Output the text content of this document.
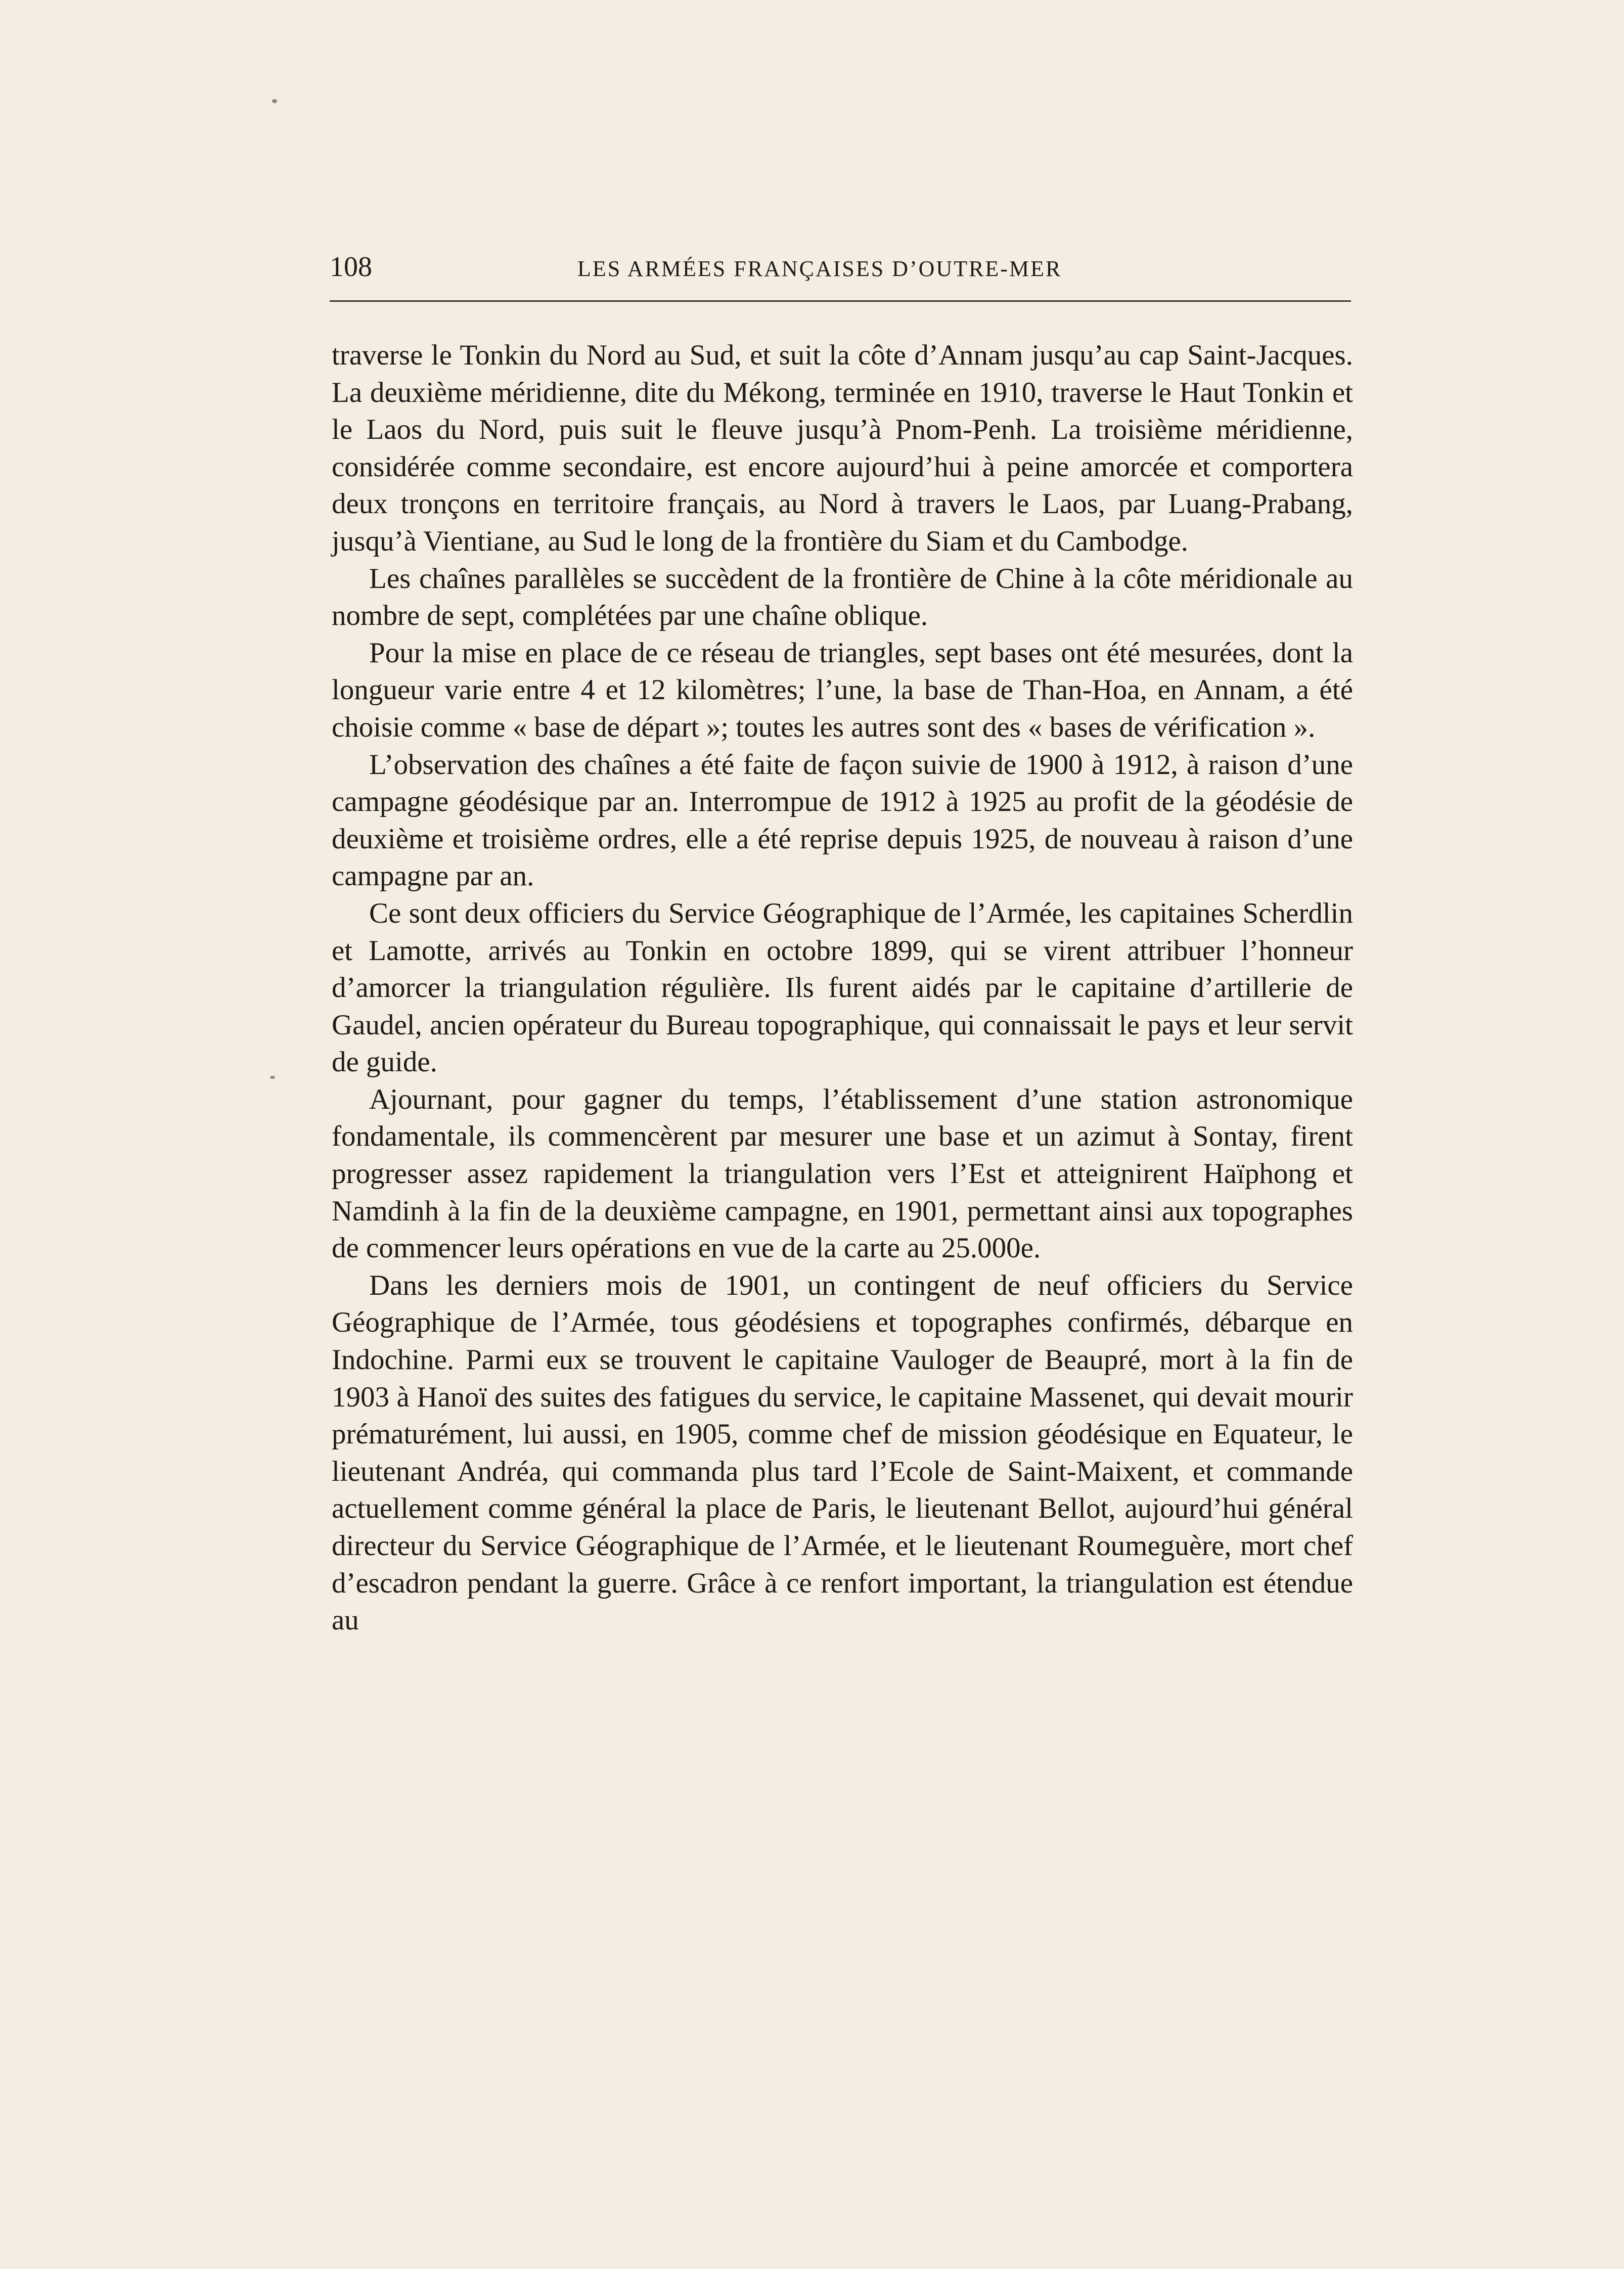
108	LES ARMÉES FRANÇAISES D’OUTRE-MER

traverse le Tonkin du Nord au Sud, et suit la côte d’Annam jusqu’au cap Saint-Jacques. La deuxième méridienne, dite du Mékong, terminée en 1910, traverse le Haut Tonkin et le Laos du Nord, puis suit le fleuve jusqu’à Pnom-Penh. La troisième méridienne, considérée comme secondaire, est encore aujourd’hui à peine amorcée et comportera deux tronçons en territoire français, au Nord à travers le Laos, par Luang-Prabang, jusqu’à Vientiane, au Sud le long de la frontière du Siam et du Cambodge.

Les chaînes parallèles se succèdent de la frontière de Chine à la côte méridionale au nombre de sept, complétées par une chaîne oblique.

Pour la mise en place de ce réseau de triangles, sept bases ont été mesurées, dont la longueur varie entre 4 et 12 kilomètres; l’une, la base de Than-Hoa, en Annam, a été choisie comme « base de départ »; toutes les autres sont des « bases de vérification ».

L’observation des chaînes a été faite de façon suivie de 1900 à 1912, à raison d’une campagne géodésique par an. Interrompue de 1912 à 1925 au profit de la géodésie de deuxième et troisième ordres, elle a été reprise depuis 1925, de nouveau à raison d’une campagne par an.

Ce sont deux officiers du Service Géographique de l’Armée, les capitaines Scherdlin et Lamotte, arrivés au Tonkin en octobre 1899, qui se virent attribuer l’honneur d’amorcer la triangulation régulière. Ils furent aidés par le capitaine d’artillerie de Gaudel, ancien opérateur du Bureau topographique, qui connaissait le pays et leur servit de guide.

Ajournant, pour gagner du temps, l’établissement d’une station astronomique fondamentale, ils commencèrent par mesurer une base et un azimut à Sontay, firent progresser assez rapidement la triangulation vers l’Est et atteignirent Haïphong et Namdinh à la fin de la deuxième campagne, en 1901, permettant ainsi aux topographes de commencer leurs opérations en vue de la carte au 25.000e.

Dans les derniers mois de 1901, un contingent de neuf officiers du Service Géographique de l’Armée, tous géodésiens et topographes confirmés, débarque en Indochine. Parmi eux se trouvent le capitaine Vauloger de Beaupré, mort à la fin de 1903 à Hanoï des suites des fatigues du service, le capitaine Massenet, qui devait mourir prématurément, lui aussi, en 1905, comme chef de mission géodésique en Equateur, le lieutenant Andréa, qui commanda plus tard l’Ecole de Saint-Maixent, et commande actuellement comme général la place de Paris, le lieutenant Bellot, aujourd’hui général directeur du Service Géographique de l’Armée, et le lieutenant Roumeguère, mort chef d’escadron pendant la guerre. Grâce à ce renfort important, la triangulation est étendue au
